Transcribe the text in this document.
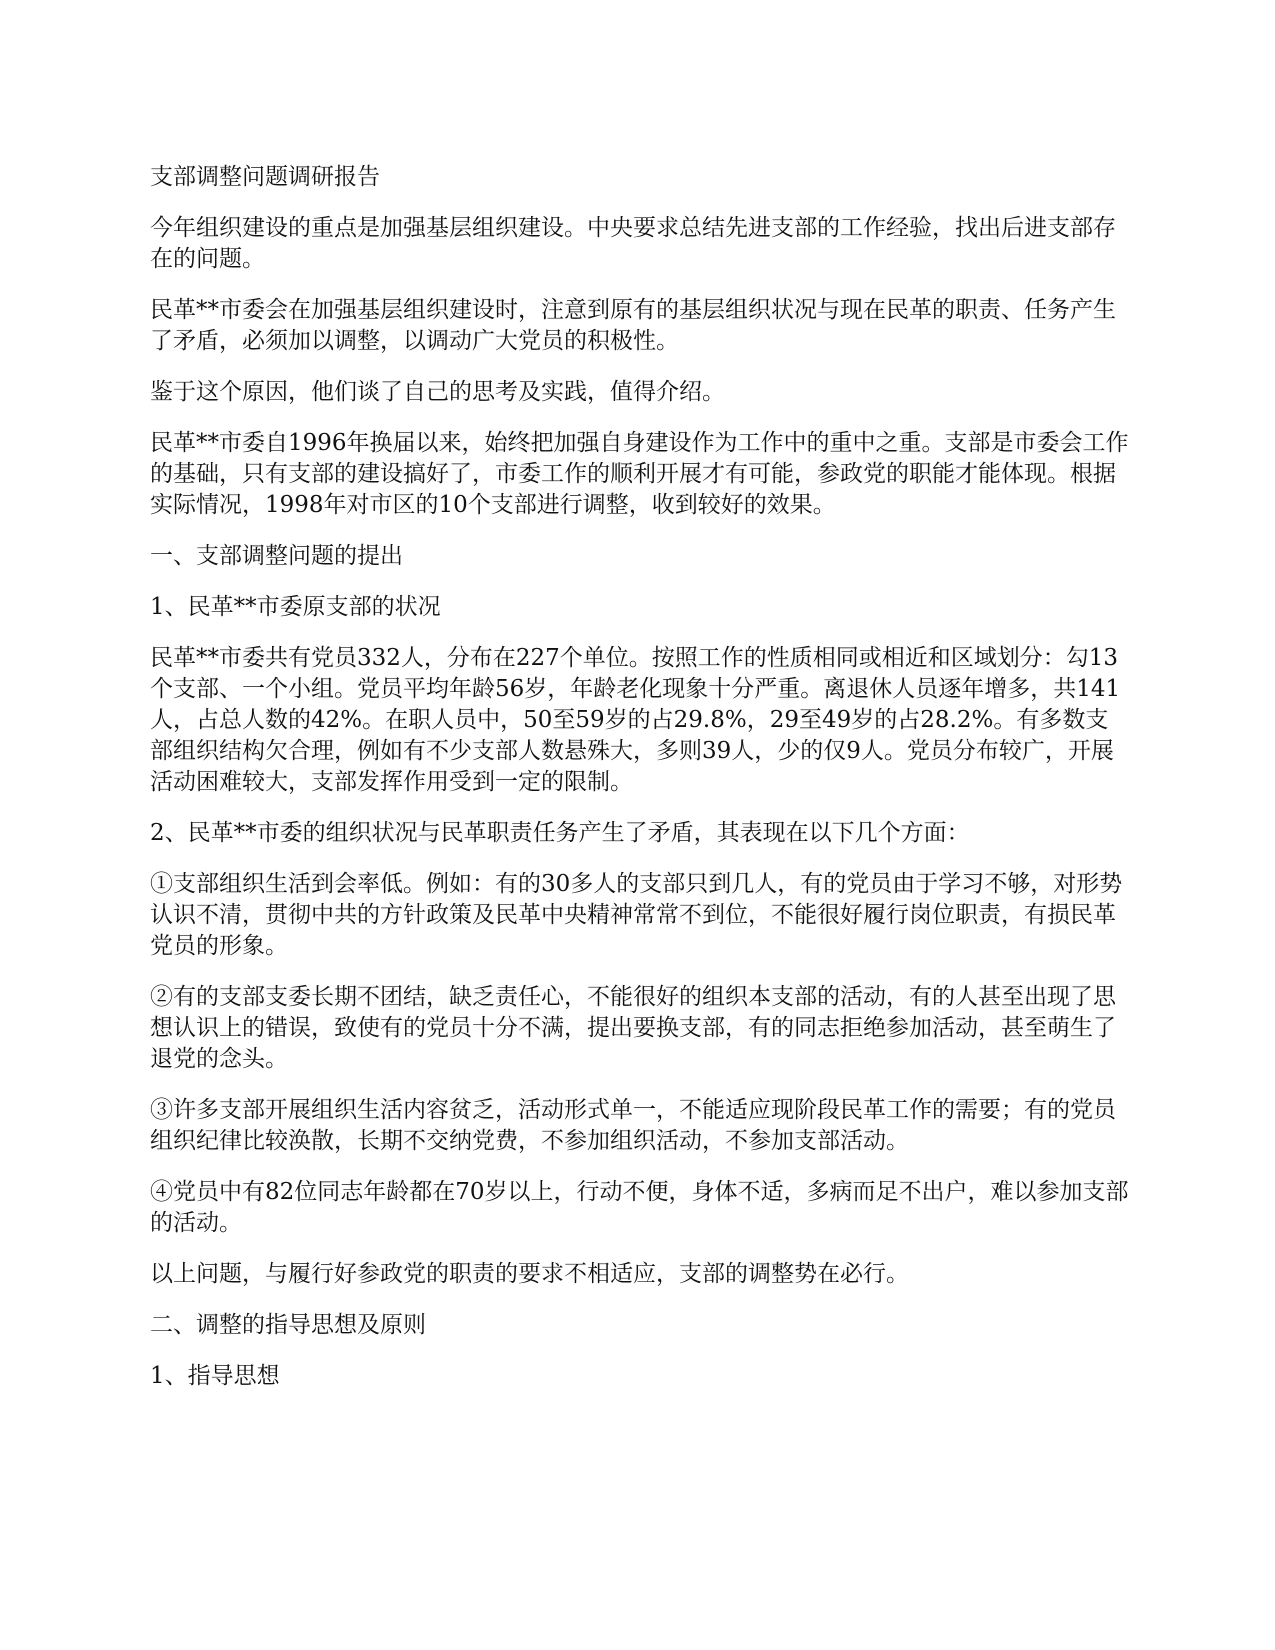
支部调整问题调研报告

今年组织建设的重点是加强基层组织建设。中央要求总结先进支部的工作经验，找出后进支部存在的问题。

民革**市委会在加强基层组织建设时，注意到原有的基层组织状况与现在民革的职责、任务产生了矛盾，必须加以调整，以调动广大党员的积极性。

鉴于这个原因，他们谈了自己的思考及实践，值得介绍。

民革**市委自1996年换届以来，始终把加强自身建设作为工作中的重中之重。支部是市委会工作的基础，只有支部的建设搞好了，市委工作的顺利开展才有可能，参政党的职能才能体现。根据实际情况，1998年对市区的10个支部进行调整，收到较好的效果。

一、支部调整问题的提出

1、民革**市委原支部的状况

民革**市委共有党员332人，分布在227个单位。按照工作的性质相同或相近和区域划分：勾13个支部、一个小组。党员平均年龄56岁，年龄老化现象十分严重。离退休人员逐年增多，共141人，占总人数的42%。在职人员中，50至59岁的占29.8%，29至49岁的占28.2%。有多数支部组织结构欠合理，例如有不少支部人数悬殊大，多则39人，少的仅9人。党员分布较广，开展活动困难较大，支部发挥作用受到一定的限制。

2、民革**市委的组织状况与民革职责任务产生了矛盾，其表现在以下几个方面：

①支部组织生活到会率低。例如：有的30多人的支部只到几人，有的党员由于学习不够，对形势认识不清，贯彻中共的方针政策及民革中央精神常常不到位，不能很好履行岗位职责，有损民革党员的形象。

②有的支部支委长期不团结，缺乏责任心，不能很好的组织本支部的活动，有的人甚至出现了思想认识上的错误，致使有的党员十分不满，提出要换支部，有的同志拒绝参加活动，甚至萌生了退党的念头。

③许多支部开展组织生活内容贫乏，活动形式单一，不能适应现阶段民革工作的需要；有的党员组织纪律比较涣散，长期不交纳党费，不参加组织活动，不参加支部活动。

④党员中有82位同志年龄都在70岁以上，行动不便，身体不适，多病而足不出户，难以参加支部的活动。

以上问题，与履行好参政党的职责的要求不相适应，支部的调整势在必行。

二、调整的指导思想及原则

1、指导思想
